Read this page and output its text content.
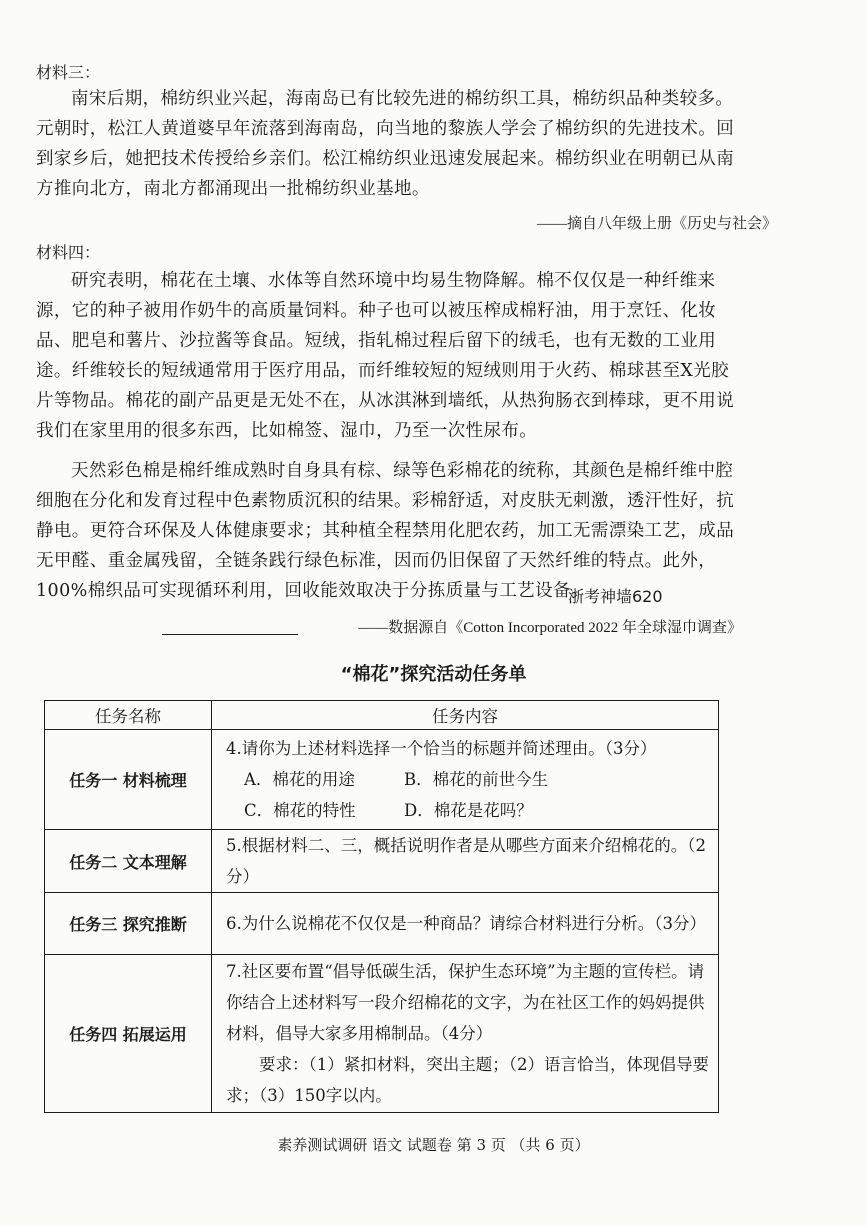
材料三：

南宋后期，棉纺织业兴起，海南岛已有比较先进的棉纺织工具，棉纺织品种类较多。元朝时，松江人黄道婆早年流落到海南岛，向当地的黎族人学会了棉纺织的先进技术。回到家乡后，她把技术传授给乡亲们。松江棉纺织业迅速发展起来。棉纺织业在明朝已从南方推向北方，南北方都涌现出一批棉纺织业基地。

——摘自八年级上册《历史与社会》
材料四：

研究表明，棉花在土壤、水体等自然环境中均易生物降解。棉不仅仅是一种纤维来源，它的种子被用作奶牛的高质量饲料。种子也可以被压榨成棉籽油，用于烹饪、化妆品、肥皂和薯片、沙拉酱等食品。短绒，指轧棉过程后留下的绒毛，也有无数的工业用途。纤维较长的短绒通常用于医疗用品，而纤维较短的短绒则用于火药、棉球甚至X光胶片等物品。棉花的副产品更是无处不在，从冰淇淋到墙纸，从热狗肠衣到棒球，更不用说我们在家里用的很多东西，比如棉签、湿巾，乃至一次性尿布。

天然彩色棉是棉纤维成熟时自身具有棕、绿等色彩棉花的统称，其颜色是棉纤维中腔细胞在分化和发育过程中色素物质沉积的结果。彩棉舒适，对皮肤无刺激，透汗性好，抗静电。更符合环保及人体健康要求；其种植全程禁用化肥农药，加工无需漂染工艺，成品无甲醛、重金属残留，全链条践行绿色标准，因而仍旧保留了天然纤维的特点。此外，100%棉织品可实现循环利用，回收能效取决于分拣质量与工艺设备。

浙考神墙620
——数据源自《Cotton Incorporated 2022 年全球湿巾调查》
“棉花”探究活动任务单
任务名称	任务内容
任务一 材料梳理	4.请你为上述材料选择一个恰当的标题并简述理由。（3分）
A．棉花的用途 B．棉花的前世今生
C．棉花的特性 D．棉花是花吗？

任务二 文本理解	5.根据材料二、三，概括说明作者是从哪些方面来介绍棉花的。（2分）
任务三 探究推断	6.为什么说棉花不仅仅是一种商品？请综合材料进行分析。（3分）
任务四 拓展运用	7.社区要布置“倡导低碳生活，保护生态环境”为主题的宣传栏。请你结合上述材料写一段介绍棉花的文字，为在社区工作的妈妈提供材料，倡导大家多用棉制品。（4分）
要求：（1）紧扣材料，突出主题；（2）语言恰当，体现倡导要求；（3）150字以内。
素养测试调研 语文 试题卷 第 3 页 （共 6 页）
